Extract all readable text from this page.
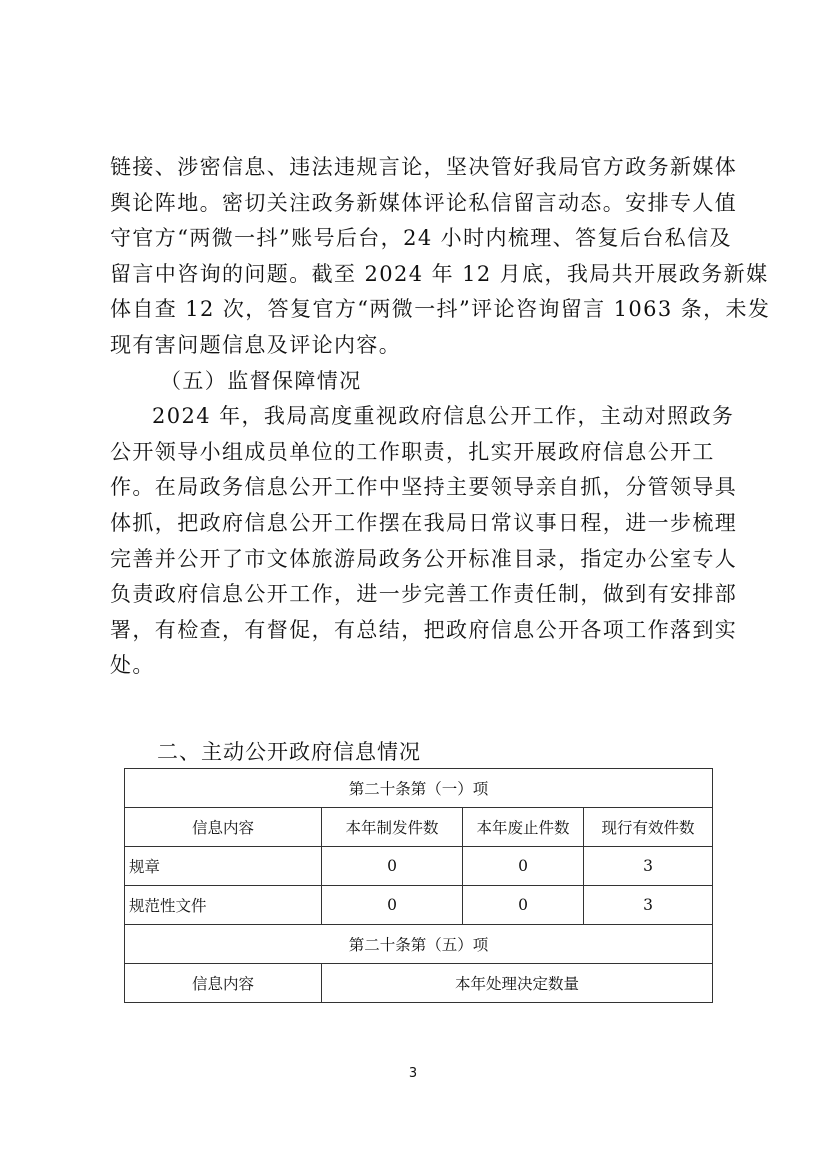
链接、涉密信息、违法违规言论，坚决管好我局官方政务新媒体
舆论阵地。密切关注政务新媒体评论私信留言动态。安排专人值
守官方“两微一抖”账号后台，24 小时内梳理、答复后台私信及
留言中咨询的问题。截至 2024 年 12 月底，我局共开展政务新媒
体自查 12 次，答复官方“两微一抖”评论咨询留言 1063 条，未发
现有害问题信息及评论内容。
（五）监督保障情况
2024 年，我局高度重视政府信息公开工作，主动对照政务
公开领导小组成员单位的工作职责，扎实开展政府信息公开工
作。在局政务信息公开工作中坚持主要领导亲自抓，分管领导具
体抓，把政府信息公开工作摆在我局日常议事日程，进一步梳理
完善并公开了市文体旅游局政务公开标准目录，指定办公室专人
负责政府信息公开工作，进一步完善工作责任制，做到有安排部
署，有检查，有督促，有总结，把政府信息公开各项工作落到实
处。
二、主动公开政府信息情况
第二十条第（一）项			
信息内容	本年制发件数	本年废止件数	现行有效件数
规章	0	0	3
规范性文件	0	0	3
第二十条第（五）项			
信息内容	本年处理决定数量		
3
